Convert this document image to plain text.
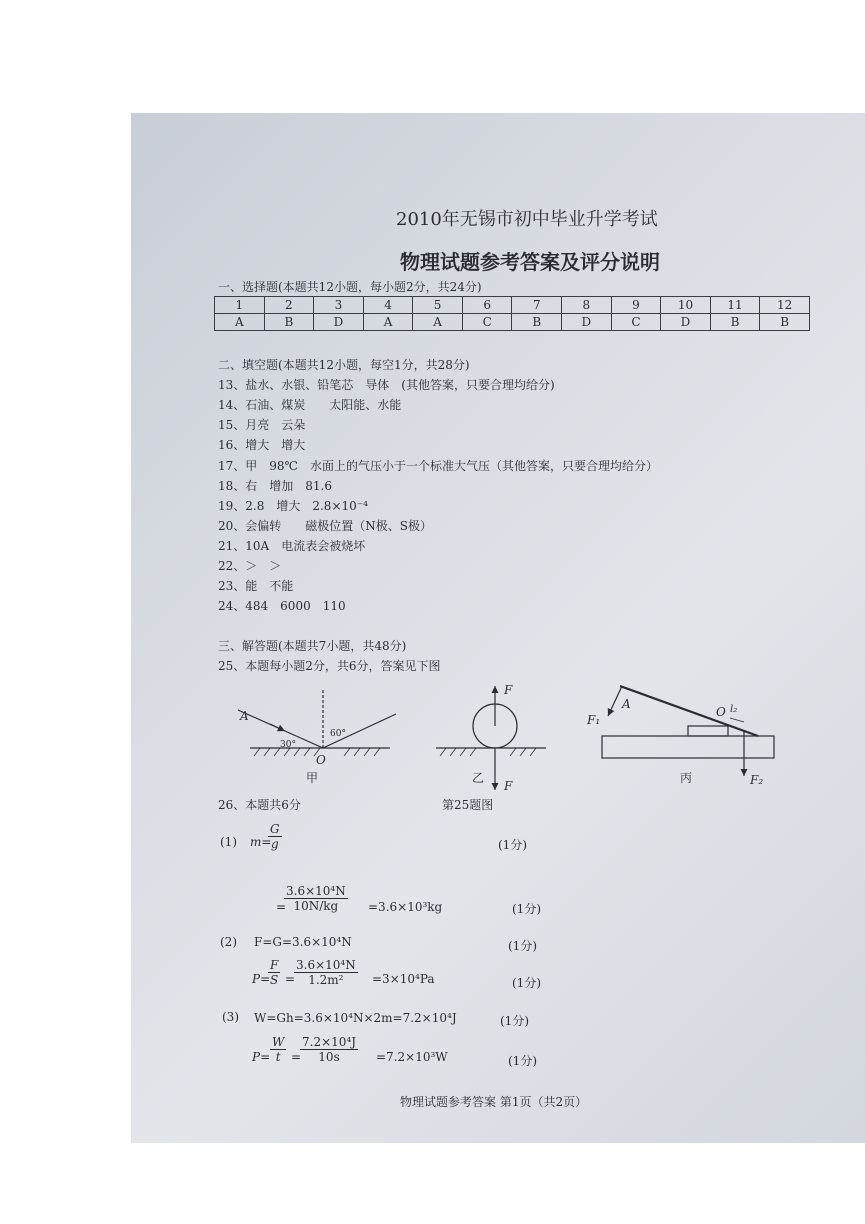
2010年无锡市初中毕业升学考试
物理试题参考答案及评分说明
一、选择题(本题共12小题，每小题2分，共24分)
1	2	3	4	5	6	7	8	9	10	11	12
A	B	D	A	A	C	B	D	C	D	B	B
二、填空题(本题共12小题，每空1分，共28分)
13、盐水、水银、铅笔芯　导体　(其他答案，只要合理均给分)
14、石油、煤炭　　太阳能、水能
15、月亮　云朵
16、增大　增大
17、甲　98℃　水面上的气压小于一个标准大气压（其他答案，只要合理均给分）
18、右　增加　81.6
19、2.8　增大　2.8×10⁻⁴
20、会偏转　　磁极位置（N极、S极）
21、10A　电流表会被烧坏
22、＞　＞
23、能　不能
24、484　6000　110
三、解答题(本题共7小题，共48分)
25、本题每小题2分，共6分，答案见下图
A
30°
60°
O
甲
F
F
乙
A
F₁
O l₂
F₂
丙
26、本题共6分	第25题图
(1) m=
$\frac{G}{g}$	(1分)
=
$\frac{\text{3.6×10⁴N}}{10N/kg} =3.6\times 10^3kg$	(1分)
(2) F=G=3.6×10⁴N	(1分)
P=
$\frac{F}{S}$ =
$\frac{\text{3.6×10⁴N}}{\text{1.2m²}} =3\times 10^4Pa$	(1分)
(3) W=Gh=3.6×10⁴N×2m=7.2×10⁴J	(1分)
$P= \frac{W}{t}$ =
$\frac{\text{7.2×10⁴J}}{10s} =7.2\times 10^3W$	(1分)
物理试题参考答案 第1页（共2页）
